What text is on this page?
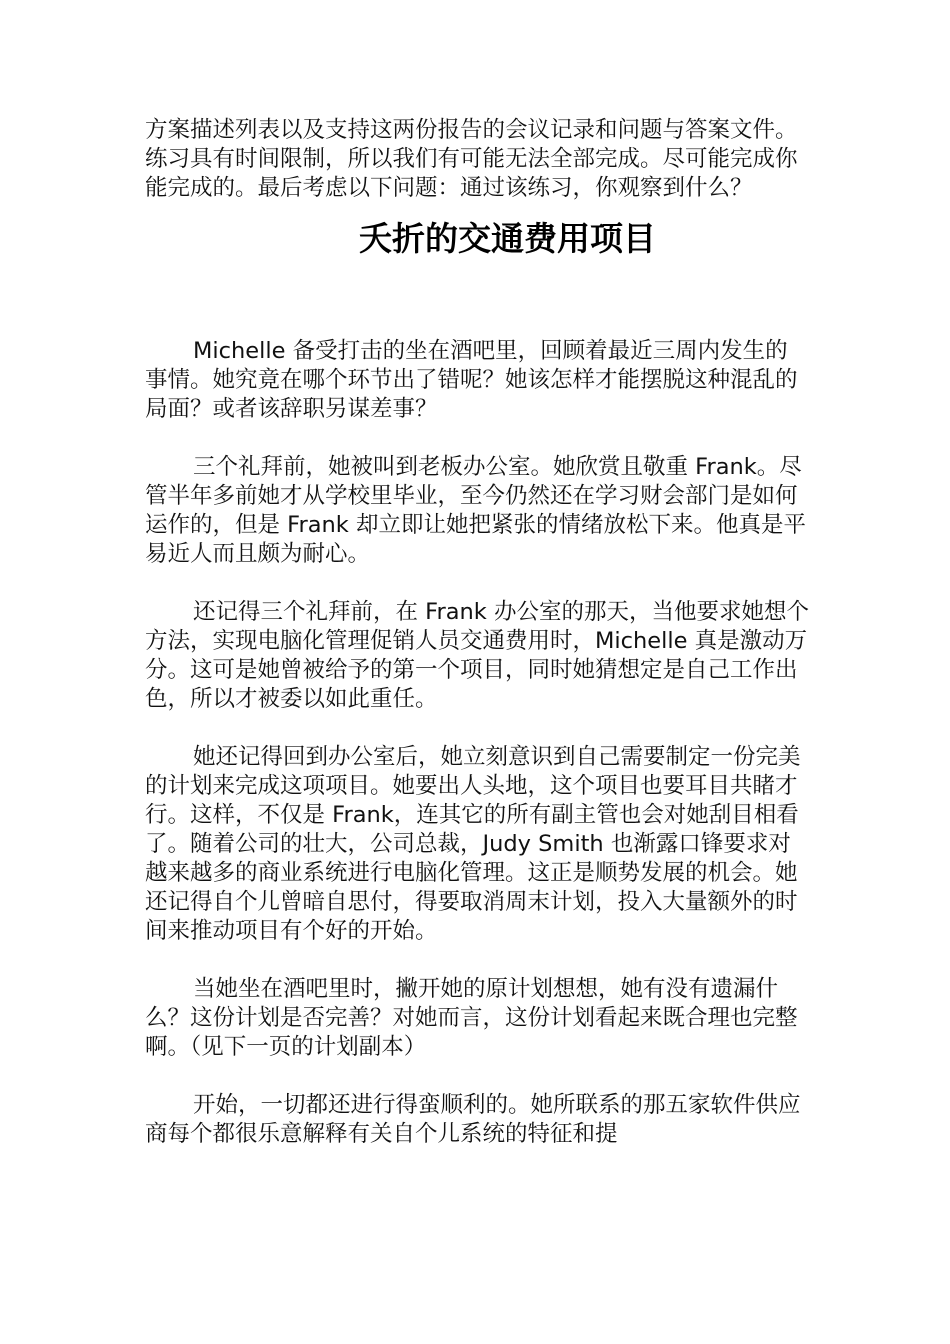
方案描述列表以及支持这两份报告的会议记录和问题与答案文件。练习具有时间限制，所以我们有可能无法全部完成。尽可能完成你能完成的。最后考虑以下问题：通过该练习，你观察到什么？

夭折的交通费用项目

Michelle 备受打击的坐在酒吧里，回顾着最近三周内发生的事情。她究竟在哪个环节出了错呢？她该怎样才能摆脱这种混乱的局面？或者该辞职另谋差事？

三个礼拜前，她被叫到老板办公室。她欣赏且敬重 Frank。尽管半年多前她才从学校里毕业，至今仍然还在学习财会部门是如何运作的，但是 Frank 却立即让她把紧张的情绪放松下来。他真是平易近人而且颇为耐心。

还记得三个礼拜前，在 Frank 办公室的那天，当他要求她想个方法，实现电脑化管理促销人员交通费用时，Michelle 真是激动万分。这可是她曾被给予的第一个项目，同时她猜想定是自己工作出色，所以才被委以如此重任。

她还记得回到办公室后，她立刻意识到自己需要制定一份完美的计划来完成这项项目。她要出人头地，这个项目也要耳目共睹才行。这样，不仅是 Frank，连其它的所有副主管也会对她刮目相看了。随着公司的壮大，公司总裁，Judy Smith 也渐露口锋要求对越来越多的商业系统进行电脑化管理。这正是顺势发展的机会。她还记得自个儿曾暗自思付，得要取消周末计划，投入大量额外的时间来推动项目有个好的开始。

当她坐在酒吧里时，撇开她的原计划想想，她有没有遗漏什么？这份计划是否完善？对她而言，这份计划看起来既合理也完整啊。（见下一页的计划副本）

开始，一切都还进行得蛮顺利的。她所联系的那五家软件供应商每个都很乐意解释有关自个儿系统的特征和提
